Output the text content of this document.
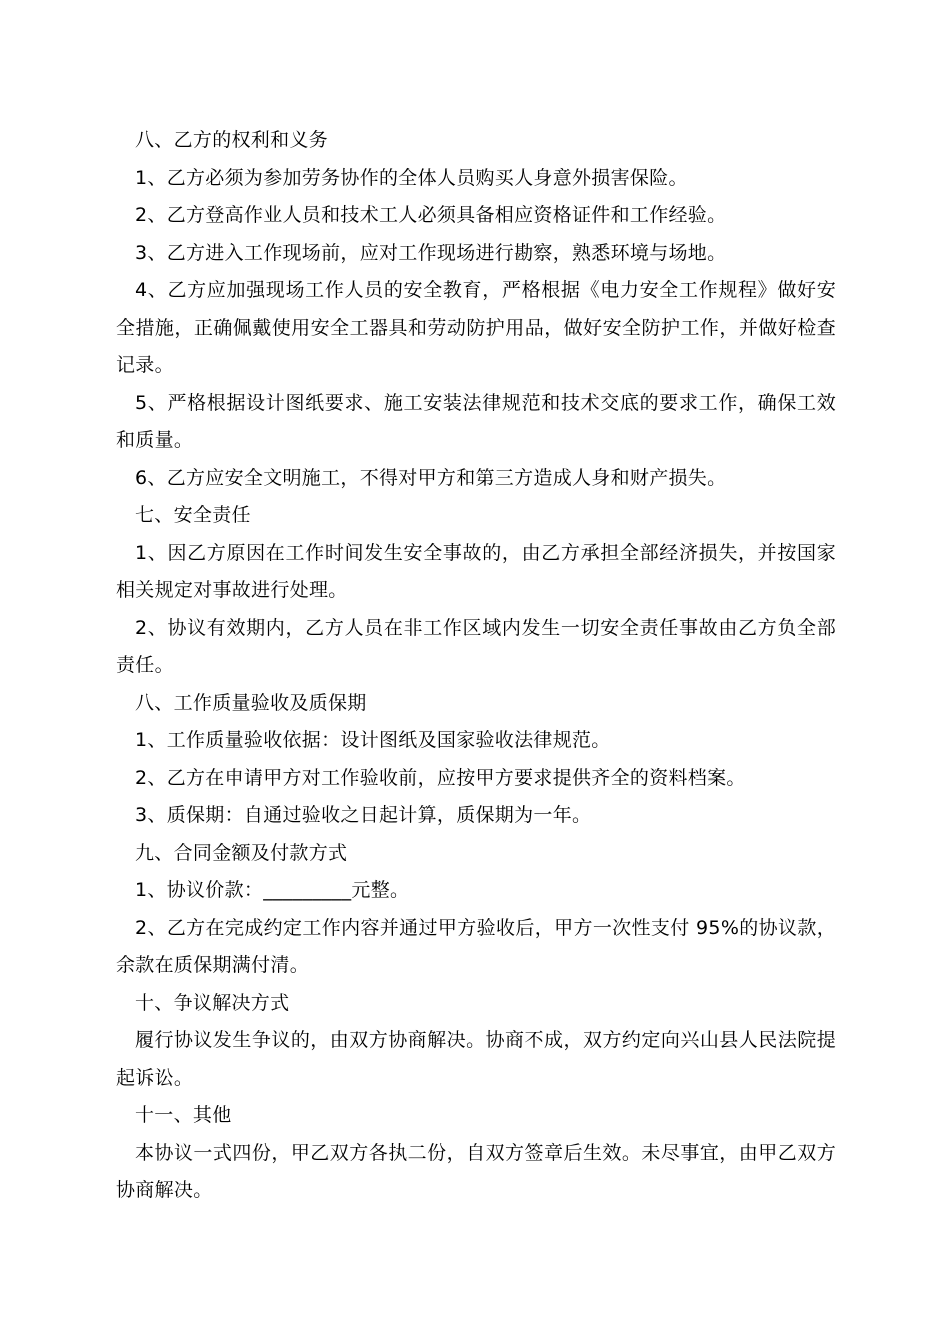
八、乙方的权利和义务

1、乙方必须为参加劳务协作的全体人员购买人身意外损害保险。

2、乙方登高作业人员和技术工人必须具备相应资格证件和工作经验。

3、乙方进入工作现场前，应对工作现场进行勘察，熟悉环境与场地。

4、乙方应加强现场工作人员的安全教育，严格根据《电力安全工作规程》做好安全措施，正确佩戴使用安全工器具和劳动防护用品，做好安全防护工作，并做好检查记录。

5、严格根据设计图纸要求、施工安装法律规范和技术交底的要求工作，确保工效和质量。

6、乙方应安全文明施工，不得对甲方和第三方造成人身和财产损失。

七、安全责任

1、因乙方原因在工作时间发生安全事故的，由乙方承担全部经济损失，并按国家相关规定对事故进行处理。

2、协议有效期内，乙方人员在非工作区域内发生一切安全责任事故由乙方负全部责任。

八、工作质量验收及质保期

1、工作质量验收依据：设计图纸及国家验收法律规范。

2、乙方在申请甲方对工作验收前，应按甲方要求提供齐全的资料档案。

3、质保期：自通过验收之日起计算，质保期为一年。

九、合同金额及付款方式

1、协议价款：_________元整。

2、乙方在完成约定工作内容并通过甲方验收后，甲方一次性支付 95%的协议款，余款在质保期满付清。

十、争议解决方式

履行协议发生争议的，由双方协商解决。协商不成，双方约定向兴山县人民法院提起诉讼。

十一、其他

本协议一式四份，甲乙双方各执二份，自双方签章后生效。未尽事宜，由甲乙双方协商解决。
